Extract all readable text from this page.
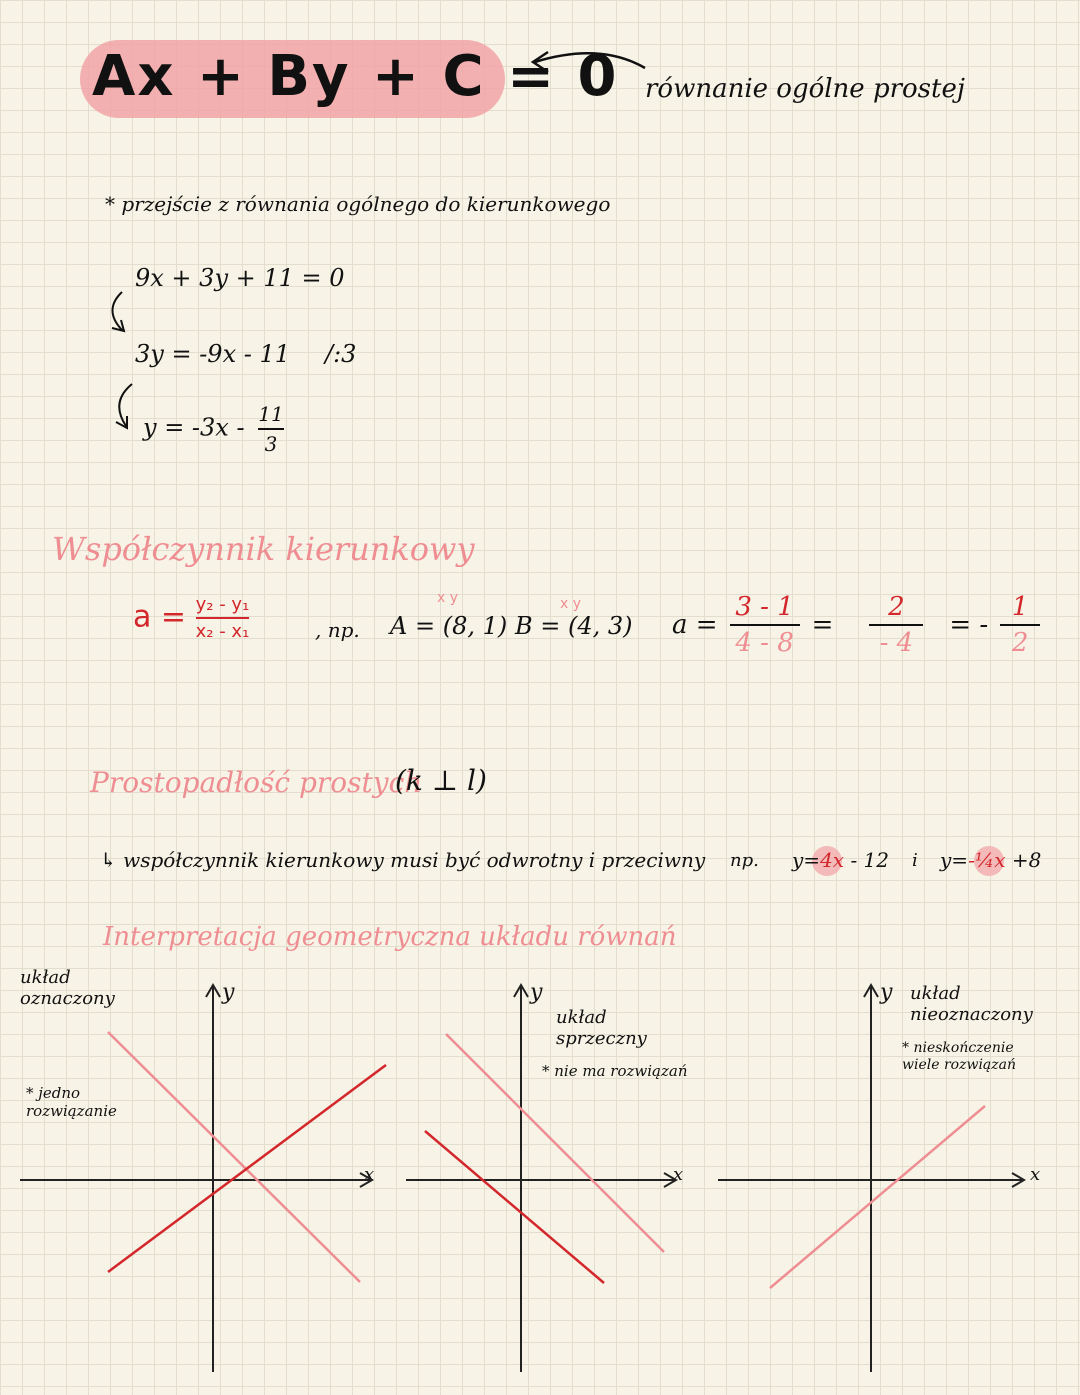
Ax + By + C = 0 równanie ogólne prostej
* przejście z równania ogólnego do kierunkowego
9x + 3y + 11 = 0
3y = -9x - 11 /:3
$y = -3x - \frac{11}{3}$
Współczynnik kierunkowy
$a = \frac{\text{y₂ - y₁}}{\text{x₂ - x₁}}$	, np.
x y
A = (8, 1)
x y
B = (4, 3) $a = \frac{3 - 1}{4 - 8} = \frac{2}{- 4}$ = - $\frac{1}{2}$
Prostopadłość prostych
(k ⊥ l)
↳ współczynnik kierunkowy musi być odwrotny i przeciwny np. y=4x - 12 i y=-¼x +8
Interpretacja geometryczna układu równań
układ oznaczony
* jedno rozwiązanie
układ sprzeczny
* nie ma rozwiązań
układ nieoznaczony
* nieskończenie wiele rozwiązań
y
x
y
x
y
x
